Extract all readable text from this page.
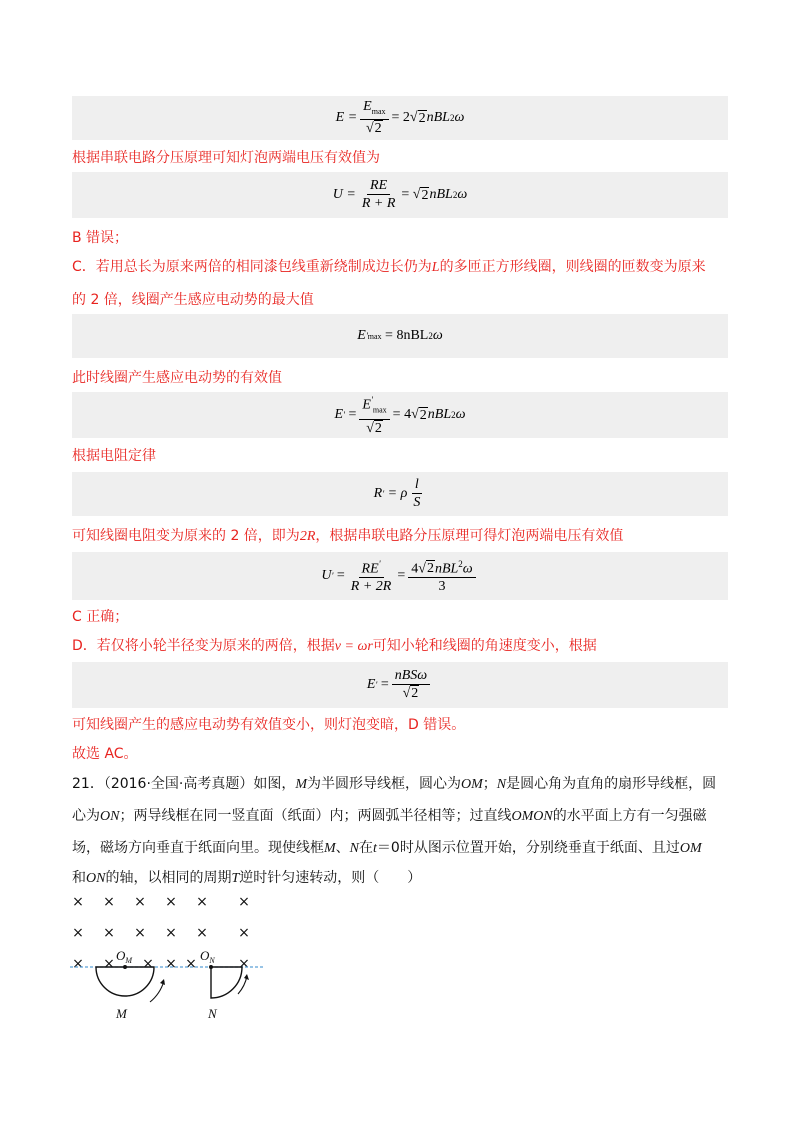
$E = \frac{E_{max}}{√2} = 2$ √ 2 nBL 2 ω
根据串联电路分压原理可知灯泡两端电压有效值为
$U = \frac{RE}{R + R}$ =
√ 2 nBL 2 ω
B 错误；
C．若用总长为原来两倍的相同漆包线重新绕制成边长仍为L的多匝正方形线圈，则线圈的匝数变为原来
的 2 倍，线圈产生感应电动势的最大值
E ' max
= 8nBL 2 ω
此时线圈产生感应电动势的有效值
E '
= $\frac{E'_{max}}{√2} = 4$ √ 2 nBL 2 ω
根据电阻定律
R '
= ρ $\frac{l}{S}$
可知线圈电阻变为原来的 2 倍，即为2R，根据串联电路分压原理可得灯泡两端电压有效值
U '
= $\frac{RE'}{R + 2R} = \frac{4√2nBL^2\omega}{3}$
C 正确；
D．若仅将小轮半径变为原来的两倍，根据v = ωr可知小轮和线圈的角速度变小，根据
E '
= $\frac{\text{nBSω}}{√2}$
可知线圈产生的感应电动势有效值变小，则灯泡变暗，D 错误。
故选 AC。
21．（2016·全国·高考真题）如图，M为半圆形导线框，圆心为OM；N是圆心角为直角的扇形导线框，圆
心为ON；两导线框在同一竖直面（纸面）内；两圆弧半径相等；过直线OMON的水平面上方有一匀强磁
场，磁场方向垂直于纸面向里。现使线框M、N在t＝0时从图示位置开始，分别绕垂直于纸面、且过OM
和ON的轴，以相同的周期T逆时针匀速转动，则（　　）
× × × × × ×
× × × × × ×
× × × × ×	×
$O_M$	$O_N$
M	N
